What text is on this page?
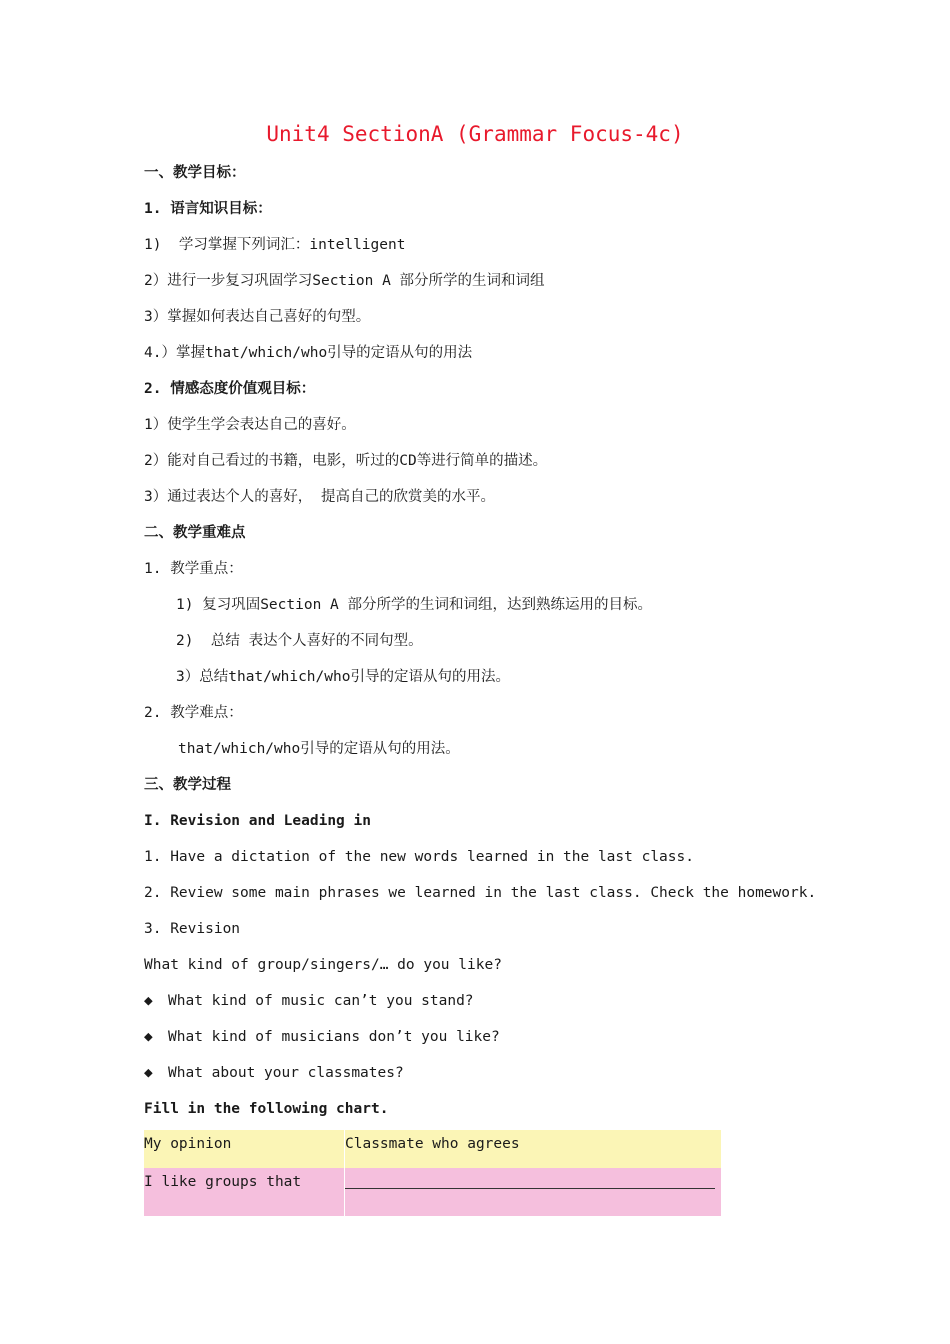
Unit4 SectionA (Grammar Focus-4c)
一、教学目标：
1. 语言知识目标：
1)  学习掌握下列词汇：intelligent
2）进行一步复习巩固学习Section A 部分所学的生词和词组
3）掌握如何表达自己喜好的句型。
4.）掌握that/which/who引导的定语从句的用法
2. 情感态度价值观目标：
1）使学生学会表达自己的喜好。
2）能对自己看过的书籍，电影，听过的CD等进行简单的描述。
3）通过表达个人的喜好， 提高自己的欣赏美的水平。
二、教学重难点
1. 教学重点：
1) 复习巩固Section A 部分所学的生词和词组，达到熟练运用的目标。
2)  总结 表达个人喜好的不同句型。
3）总结that/which/who引导的定语从句的用法。
2. 教学难点：
that/which/who引导的定语从句的用法。
三、教学过程
I. Revision and Leading in
1. Have a dictation of the new words learned in the last class.
2. Review some main phrases we learned in the last class. Check the homework.
3. Revision
What kind of group/singers/… do you like?
◆ What kind of music can’t you stand?
◆ What kind of musicians don’t you like?
◆ What about your classmates?
Fill in the following chart.
My opinion	Classmate who agrees
I like groups that	
